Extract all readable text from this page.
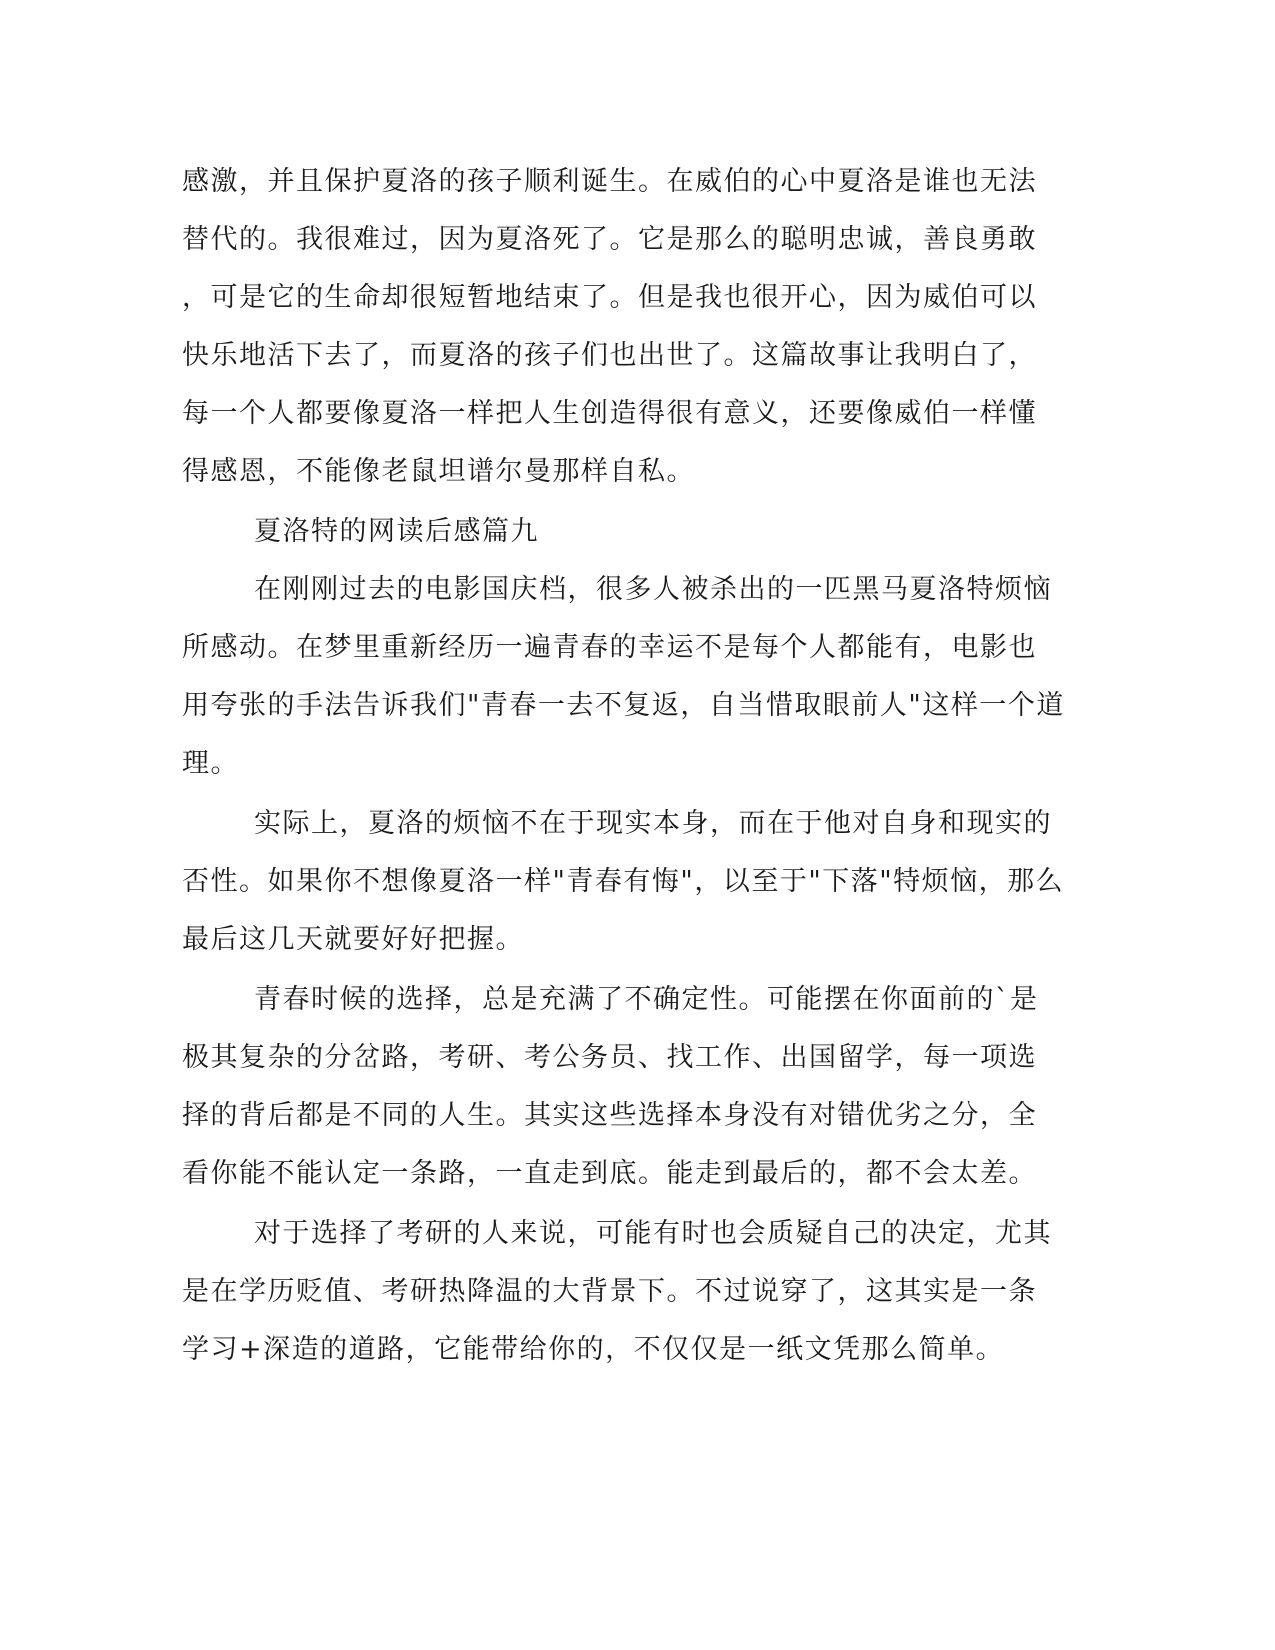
感激，并且保护夏洛的孩子顺利诞生。在威伯的心中夏洛是谁也无法
替代的。我很难过，因为夏洛死了。它是那么的聪明忠诚，善良勇敢
，可是它的生命却很短暂地结束了。但是我也很开心，因为威伯可以
快乐地活下去了，而夏洛的孩子们也出世了。这篇故事让我明白了，
每一个人都要像夏洛一样把人生创造得很有意义，还要像威伯一样懂
得感恩，不能像老鼠坦谱尔曼那样自私。
夏洛特的网读后感篇九
在刚刚过去的电影国庆档，很多人被杀出的一匹黑马夏洛特烦恼
所感动。在梦里重新经历一遍青春的幸运不是每个人都能有，电影也
用夸张的手法告诉我们"青春一去不复返，自当惜取眼前人"这样一个道
理。
实际上，夏洛的烦恼不在于现实本身，而在于他对自身和现实的
否性。如果你不想像夏洛一样"青春有悔"，以至于"下落"特烦恼，那么
最后这几天就要好好把握。
青春时候的选择，总是充满了不确定性。可能摆在你面前的`是
极其复杂的分岔路，考研、考公务员、找工作、出国留学，每一项选
择的背后都是不同的人生。其实这些选择本身没有对错优劣之分，全
看你能不能认定一条路，一直走到底。能走到最后的，都不会太差。
对于选择了考研的人来说，可能有时也会质疑自己的决定，尤其
是在学历贬值、考研热降温的大背景下。不过说穿了，这其实是一条
学习+深造的道路，它能带给你的，不仅仅是一纸文凭那么简单。
